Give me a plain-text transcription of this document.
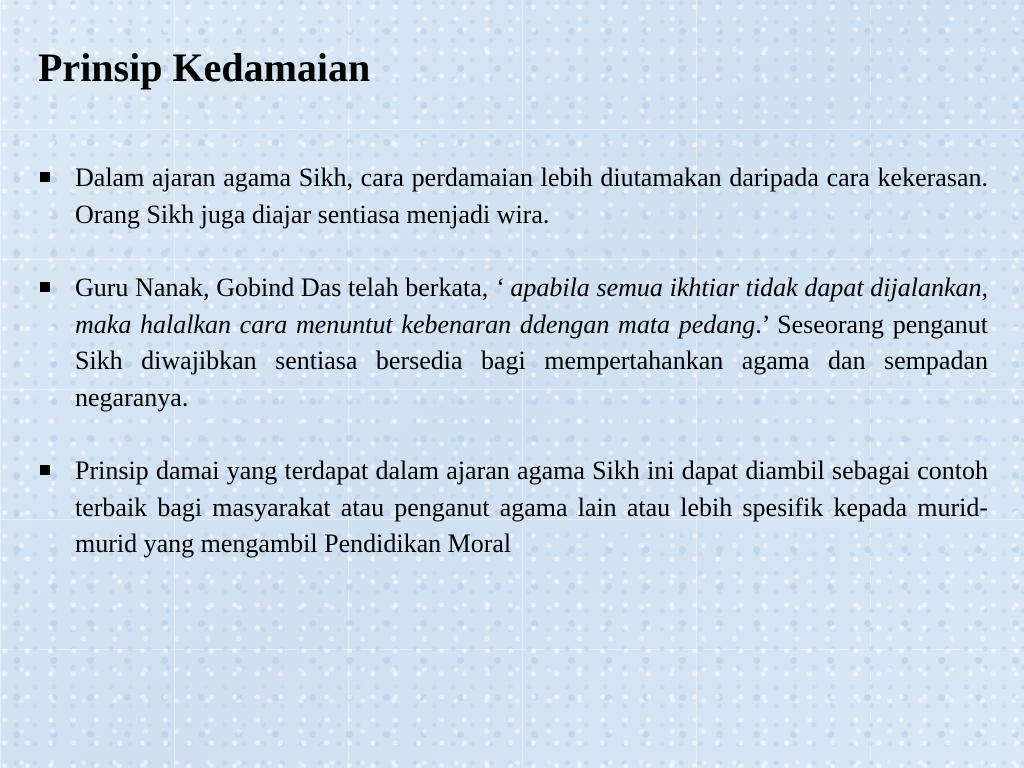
Prinsip Kedamaian
Dalam ajaran agama Sikh, cara perdamaian lebih diutamakan daripada cara kekerasan. Orang Sikh juga diajar sentiasa menjadi wira.
Guru Nanak, Gobind Das telah berkata, ‘ apabila semua ikhtiar tidak dapat dijalankan, maka halalkan cara menuntut kebenaran ddengan mata pedang.’ Seseorang penganut Sikh diwajibkan sentiasa bersedia bagi mempertahankan agama dan sempadan negaranya.
Prinsip damai yang terdapat dalam ajaran agama Sikh ini dapat diambil sebagai contoh terbaik bagi masyarakat atau penganut agama lain atau lebih spesifik kepada murid-murid yang mengambil Pendidikan Moral
